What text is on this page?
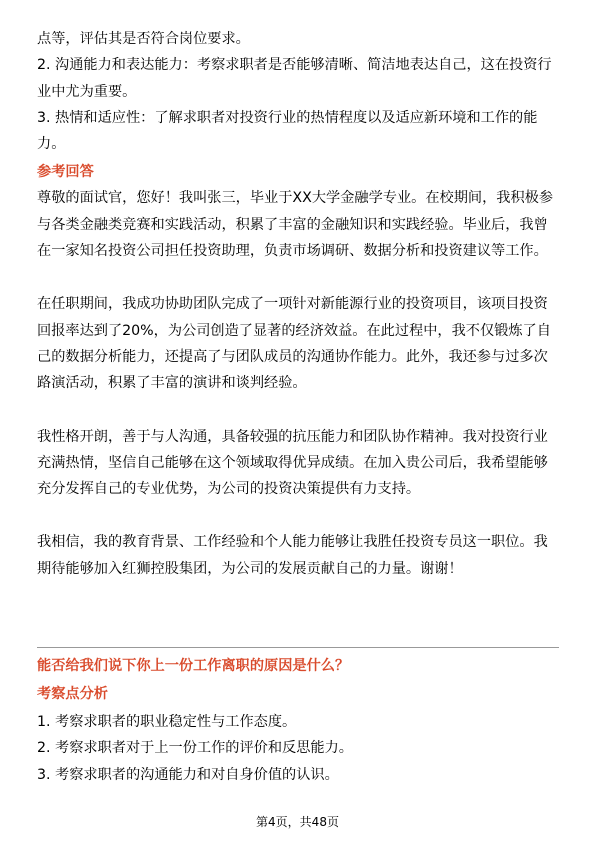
点等，评估其是否符合岗位要求。

2. 沟通能力和表达能力：考察求职者是否能够清晰、简洁地表达自己，这在投资行

业中尤为重要。

3. 热情和适应性：了解求职者对投资行业的热情程度以及适应新环境和工作的能

力。

参考回答

尊敬的面试官，您好！我叫张三，毕业于XX大学金融学专业。在校期间，我积极参

与各类金融类竞赛和实践活动，积累了丰富的金融知识和实践经验。毕业后，我曾

在一家知名投资公司担任投资助理，负责市场调研、数据分析和投资建议等工作。

在任职期间，我成功协助团队完成了一项针对新能源行业的投资项目，该项目投资

回报率达到了20%，为公司创造了显著的经济效益。在此过程中，我不仅锻炼了自

己的数据分析能力，还提高了与团队成员的沟通协作能力。此外，我还参与过多次

路演活动，积累了丰富的演讲和谈判经验。

我性格开朗，善于与人沟通，具备较强的抗压能力和团队协作精神。我对投资行业

充满热情，坚信自己能够在这个领域取得优异成绩。在加入贵公司后，我希望能够

充分发挥自己的专业优势，为公司的投资决策提供有力支持。

我相信，我的教育背景、工作经验和个人能力能够让我胜任投资专员这一职位。我

期待能够加入红狮控股集团，为公司的发展贡献自己的力量。谢谢！

能否给我们说下你上一份工作离职的原因是什么？

考察点分析

1. 考察求职者的职业稳定性与工作态度。

2. 考察求职者对于上一份工作的评价和反思能力。

3. 考察求职者的沟通能力和对自身价值的认识。

第4页，共48页
